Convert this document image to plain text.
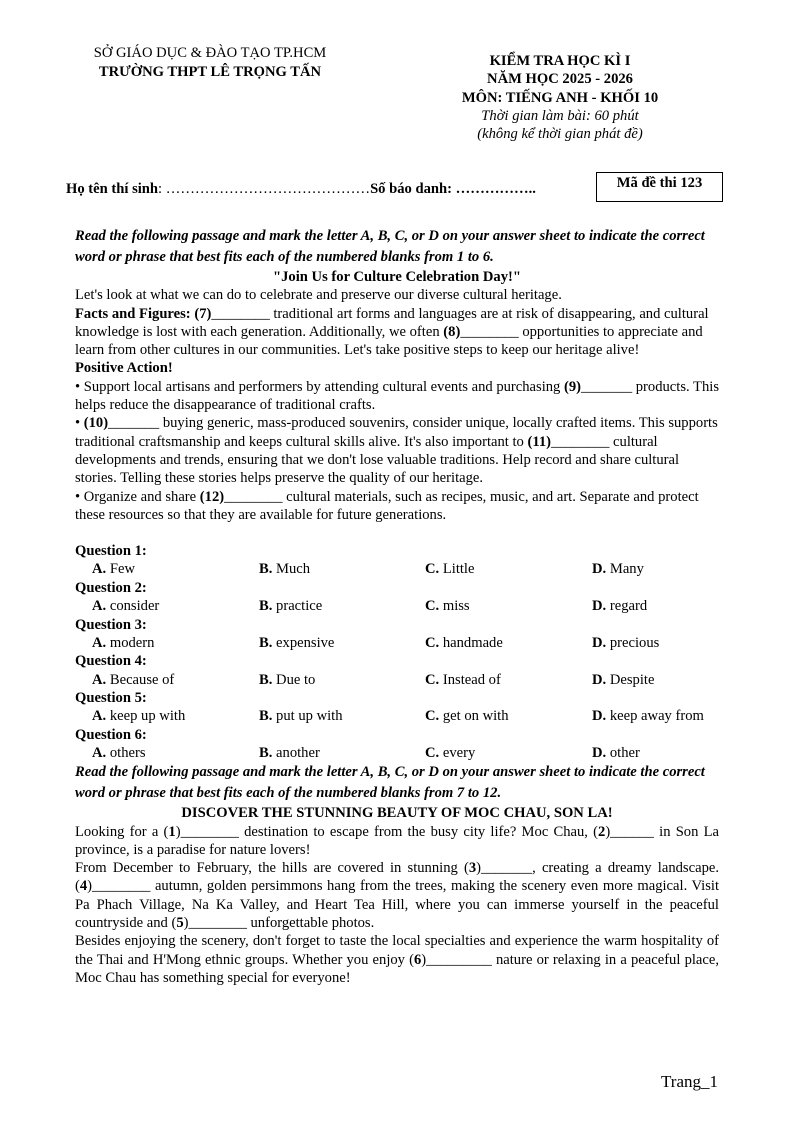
SỞ GIÁO DỤC & ĐÀO TẠO TP.HCM
TRƯỜNG THPT LÊ TRỌNG TẤN
KIỂM TRA HỌC KÌ I
NĂM HỌC 2025 - 2026
MÔN: TIẾNG ANH - KHỐI 10
Thời gian làm bài: 60 phút
(không kể thời gian phát đề)
Họ tên thí sinh: ……………………………………Số báo danh: ……………..	Mã đề thi 123

Read the following passage and mark the letter A, B, C, or D on your answer sheet to indicate the correct word or phrase that best fits each of the numbered blanks from 1 to 6.

"Join Us for Culture Celebration Day!"

Let's look at what we can do to celebrate and preserve our diverse cultural heritage.

Facts and Figures: (7)________ traditional art forms and languages are at risk of disappearing, and cultural knowledge is lost with each generation. Additionally, we often (8)________ opportunities to appreciate and learn from other cultures in our communities. Let's take positive steps to keep our heritage alive!

Positive Action!

• Support local artisans and performers by attending cultural events and purchasing (9)_______ products. This helps reduce the disappearance of traditional crafts.

• (10)_______ buying generic, mass-produced souvenirs, consider unique, locally crafted items. This supports traditional craftsmanship and keeps cultural skills alive. It's also important to (11)________ cultural developments and trends, ensuring that we don't lose valuable traditions. Help record and share cultural stories. Telling these stories helps preserve the quality of our heritage.

• Organize and share (12)________ cultural materials, such as recipes, music, and art. Separate and protect these resources so that they are available for future generations.

Question 1:
A. Few	B. Much	C. Little	D. Many
Question 2:
A. consider	B. practice	C. miss	D. regard
Question 3:
A. modern	B. expensive	C. handmade	D. precious
Question 4:
A. Because of	B. Due to	C. Instead of	D. Despite
Question 5:
A. keep up with	B. put up with	C. get on with	D. keep away from
Question 6:
A. others	B. another	C. every	D. other

Read the following passage and mark the letter A, B, C, or D on your answer sheet to indicate the correct word or phrase that best fits each of the numbered blanks from 7 to 12.

DISCOVER THE STUNNING BEAUTY OF MOC CHAU, SON LA!

Looking for a (1)________ destination to escape from the busy city life? Moc Chau, (2)______ in Son La province, is a paradise for nature lovers!

From December to February, the hills are covered in stunning (3)_______, creating a dreamy landscape. (4)________ autumn, golden persimmons hang from the trees, making the scenery even more magical. Visit Pa Phach Village, Na Ka Valley, and Heart Tea Hill, where you can immerse yourself in the peaceful countryside and (5)________ unforgettable photos.

Besides enjoying the scenery, don't forget to taste the local specialties and experience the warm hospitality of the Thai and H'Mong ethnic groups. Whether you enjoy (6)_________ nature or relaxing in a peaceful place, Moc Chau has something special for everyone!

Trang_1
